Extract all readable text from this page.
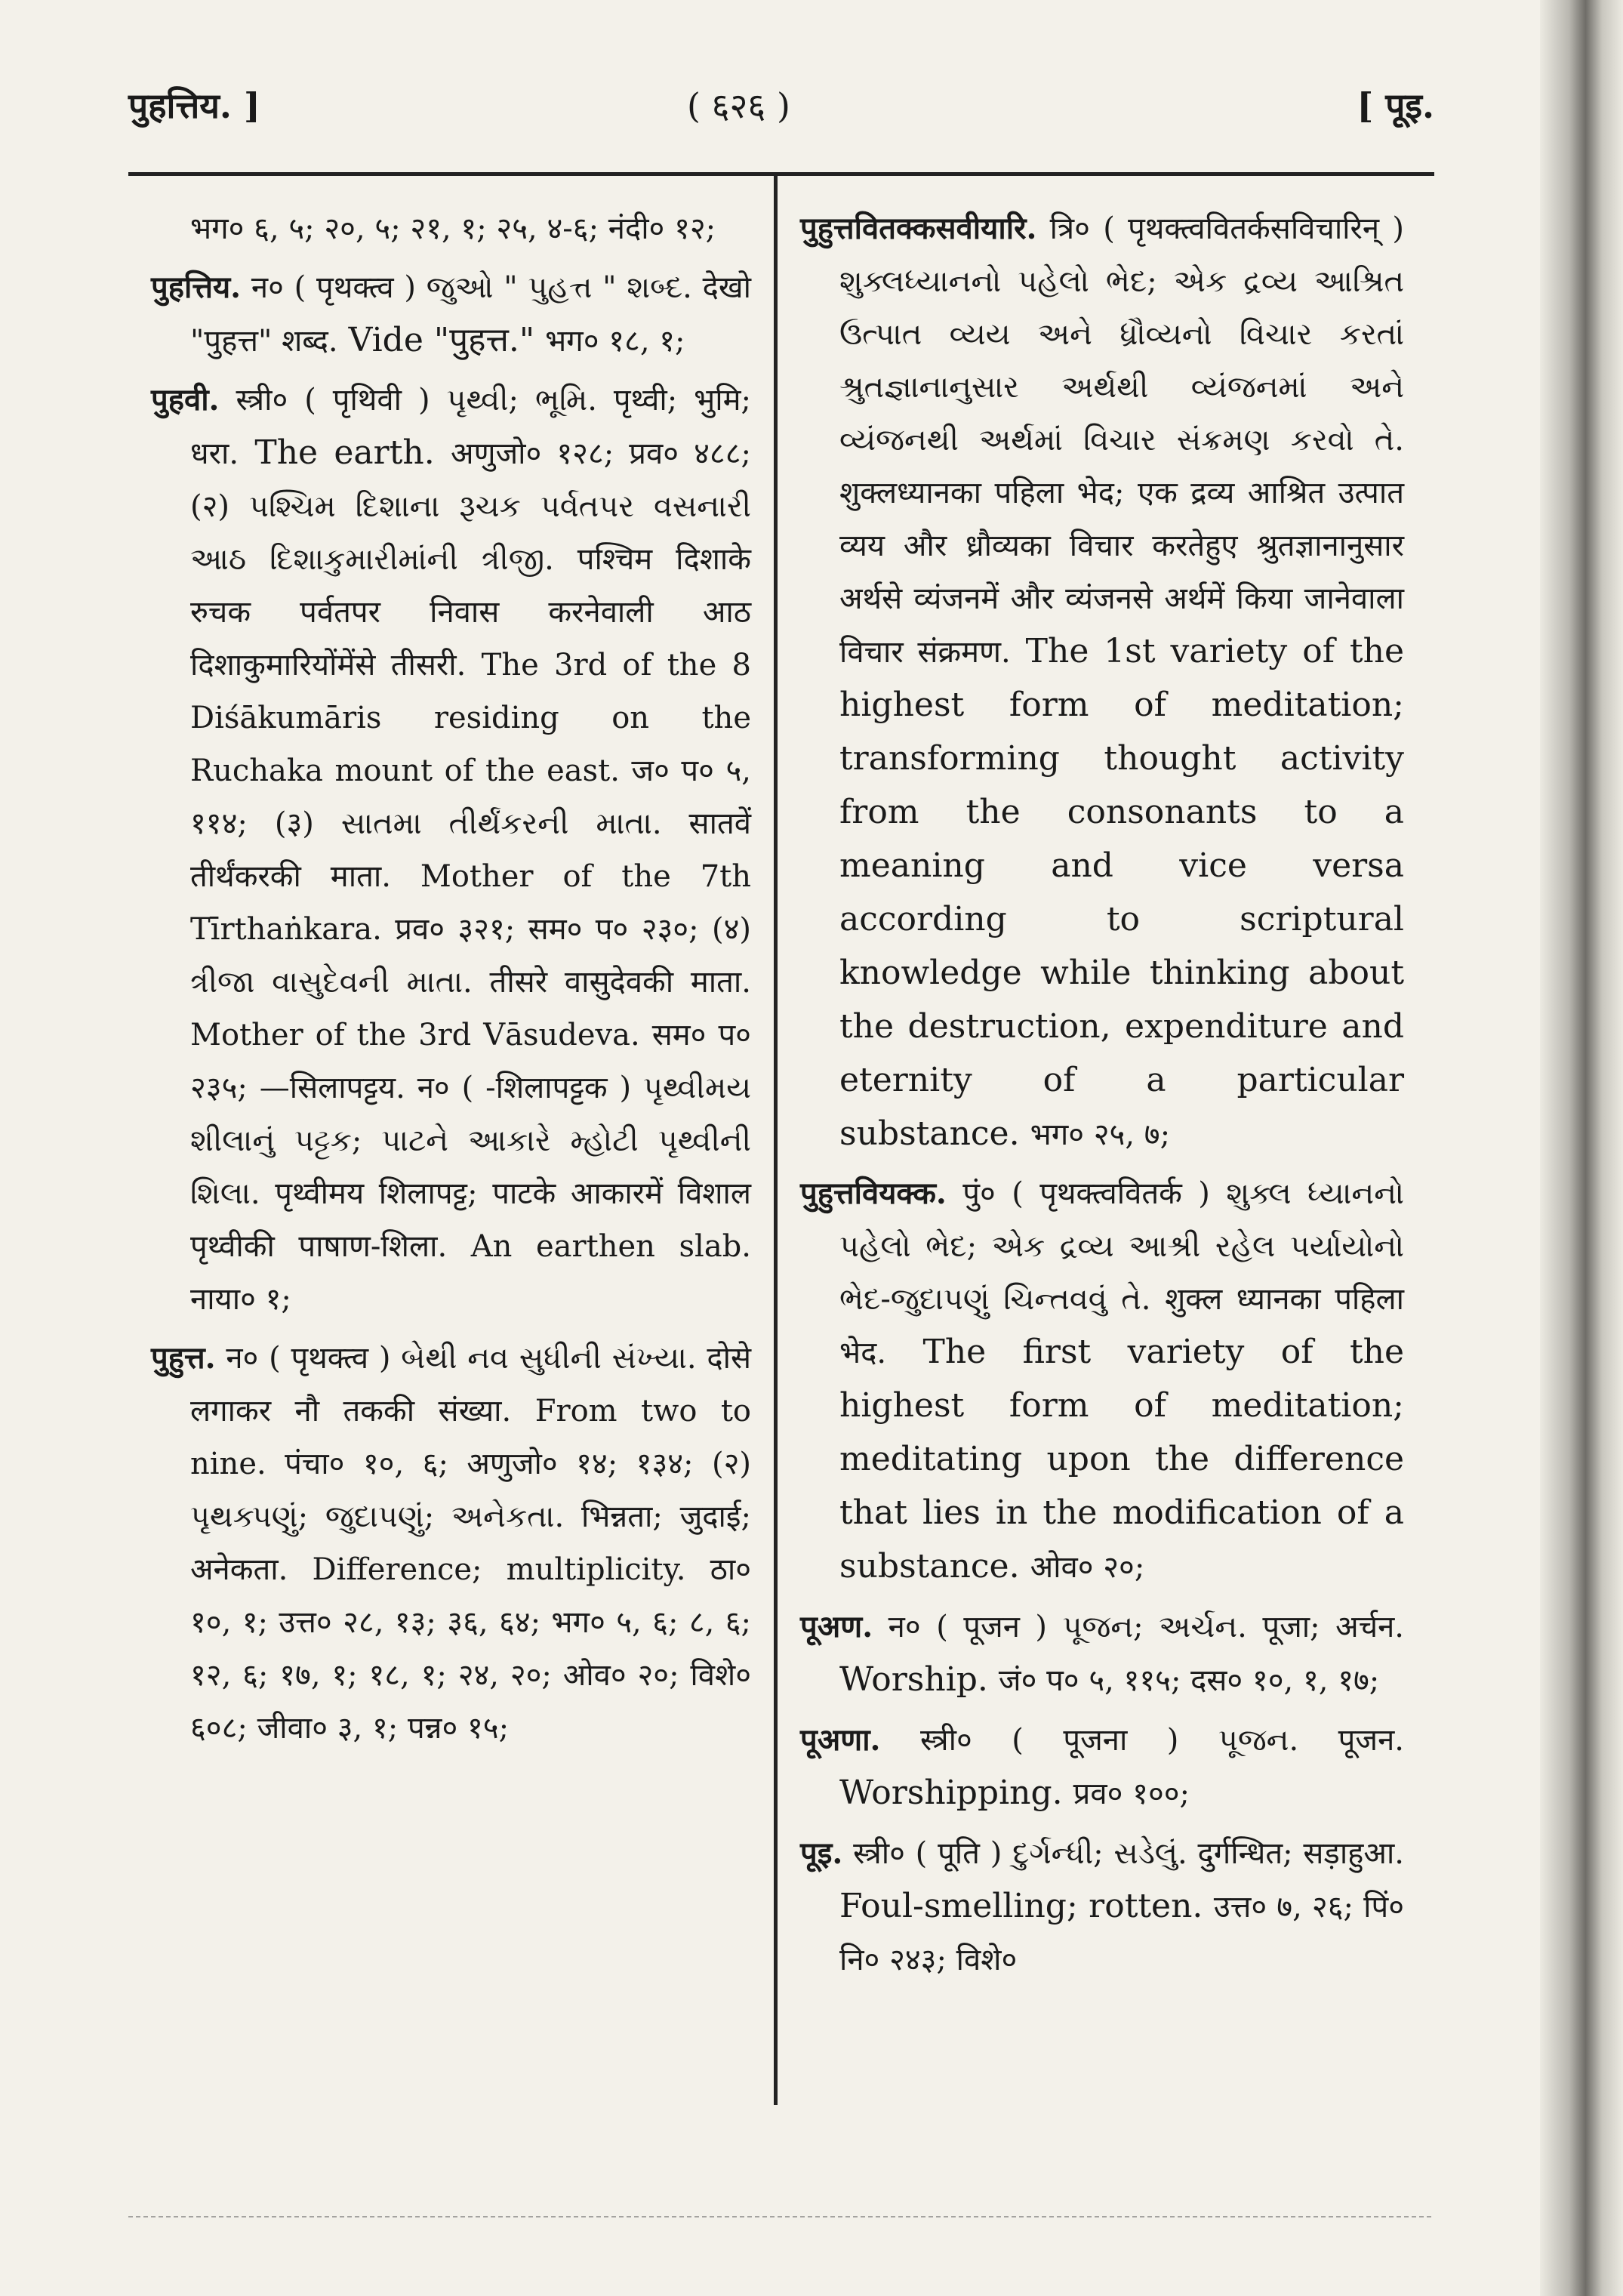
पुहत्तिय. ]	( ६२६ )	[ पूइ.

भग० ६, ५; २०, ५; २१, १; २५, ४-६; नंदी० १२;

पुहत्तिय. न० ( पृथक्त्व ) જુઓ " પુહત્ત " શબ્દ. देखो "पुहत्त" शब्द. Vide "पुहत्त." भग० १८, १;

पुहवी. स्त्री० ( पृथिवी ) પૃથ્વી; ભૂમિ. पृथ्वी; भुमि; धरा. The earth. अणुजो० १२८; प्रव० ४८८; (२) પશ્ચિમ દિશાના રૂચક પર્વતપર વસનારી આઠ દિશાકુમારીમાંની ત્રીજી. पश्चिम दिशाके रुचक पर्वतपर निवास करनेवाली आठ दिशाकुमारियोंमेंसे तीसरी. The 3rd of the 8 Diśākumāris residing on the Ruchaka mount of the east. ज० प० ५, ११४; (३) સાતમા તીર્થંકરની માતા. सातवें तीर्थंकरकी माता. Mother of the 7th Tīrthaṅkara. प्रव० ३२१; सम० प० २३०; (४) ત્રીજા વાસુદેવની માતા. तीसरे वासुदेवकी माता. Mother of the 3rd Vāsudeva. सम० प० २३५; —सिलापट्टय. न० ( -शिलापट्टक ) પૃથ્વીમય શીલાનું પટ્ટક; પાટને આકારે મ્હોટી પૃથ્વીની શિલા. पृथ्वीमय शिलापट्ट; पाटके आकारमें विशाल पृथ्वीकी पाषाण-शिला. An earthen slab. नाया० १;

पुहुत्त. न० ( पृथक्त्व ) બેથી નવ સુધીની સંખ્યા. दोसे लगाकर नौ तककी संख्या. From two to nine. पंचा० १०, ६; अणुजो० १४; १३४; (२) પૃથક્પણું; જુદાપણું; અનેકતા. भिन्नता; जुदाई; अनेकता. Difference; multiplicity. ठा० १०, १; उत्त० २८, १३; ३६, ६४; भग० ५, ६; ८, ६; १२, ६; १७, १; १८, १; २४, २०; ओव० २०; विशे० ६०८; जीवा० ३, १; पन्न० १५;

पुहुत्तवितक्कसवीयारि. त्रि० ( पृथक्त्ववितर्कसविचारिन् ) શુક્લધ્યાનનો પહેલો ભેદ; એક દ્રવ્ય આશ્રિત ઉત્પાત વ્યય અને ધ્રૌવ્યનો વિચાર કરતાં શ્રુતજ્ઞાનાનુસાર અર્થથી વ્યંજનમાં અને વ્યંજનથી અર્થમાં વિચાર સંક્રમણ કરવો તે. शुक्लध्यानका पहिला भेद; एक द्रव्य आश्रित उत्पात व्यय और ध्रौव्यका विचार करतेहुए श्रुतज्ञानानुसार अर्थसे व्यंजनमें और व्यंजनसे अर्थमें किया जानेवाला विचार संक्रमण. The 1st variety of the highest form of meditation; transforming thought activity from the consonants to a meaning and vice versa according to scriptural knowledge while thinking about the destruction, expenditure and eternity of a particular substance. भग० २५, ७;

पुहुत्तवियक्क. पुं० ( पृथक्त्ववितर्क ) શુક્લ ધ્યાનનો પહેલો ભેદ; એક દ્રવ્ય આશ્રી રહેલ પર્યાયોનો ભેદ-જુદાપણું ચિન્તવવું તે. शुक्ल ध्यानका पहिला भेद. The first variety of the highest form of meditation; meditating upon the difference that lies in the modification of a substance. ओव० २०;

पूअण. न० ( पूजन ) પૂજન; અર્ચન. पूजा; अर्चन. Worship. जं० प० ५, ११५; दस० १०, १, १७;

पूअणा. स्त्री० ( पूजना ) પૂજન. पूजन. Worshipping. प्रव० १००;

पूइ. स्त्री० ( पूति ) દુર્ગન્ધી; સડેલું. दुर्गन्धित; सड़ाहुआ. Foul-smelling; rotten. उत्त० ७, २६; पिं० नि० २४३; विशे०
